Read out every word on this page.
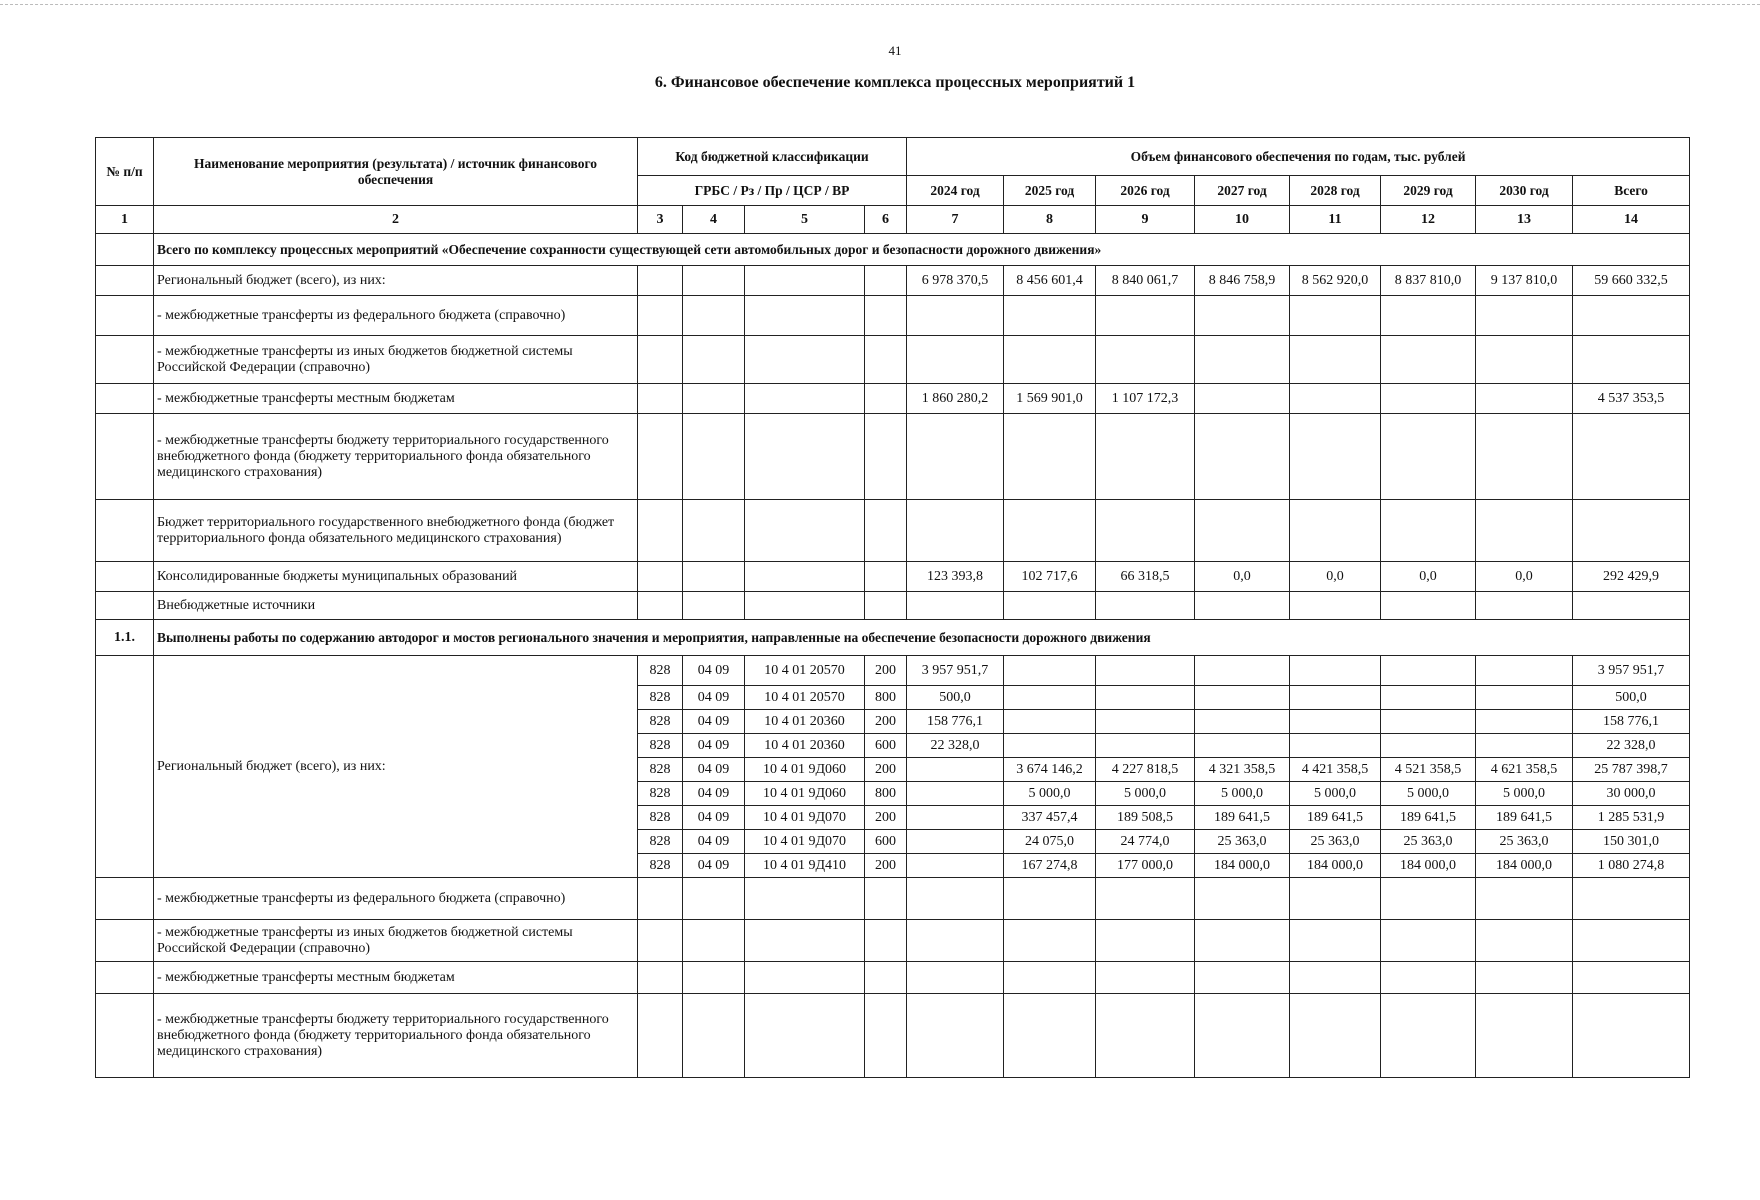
41
6. Финансовое обеспечение комплекса процессных мероприятий 1
№ п/п	Наименование мероприятия (результата) / источник финансового обеспечения	Код бюджетной классификации				Объем финансового обеспечения по годам, тыс. рублей							
		ГРБС / Рз / Пр / ЦСР / ВР				2024 год	2025 год	2026 год	2027 год	2028 год	2029 год	2030 год	Всего
1	2	3	4	5	6	7	8	9	10	11	12	13	14
	Всего по комплексу процессных мероприятий «Обеспечение сохранности существующей сети автомобильных дорог и безопасности дорожного движения»												
	Региональный бюджет (всего), из них:					6 978 370,5	8 456 601,4	8 840 061,7	8 846 758,9	8 562 920,0	8 837 810,0	9 137 810,0	59 660 332,5
	- межбюджетные трансферты из федерального бюджета (справочно)												
	- межбюджетные трансферты из иных бюджетов бюджетной системы Российской Федерации (справочно)												
	- межбюджетные трансферты местным бюджетам					1 860 280,2	1 569 901,0	1 107 172,3					4 537 353,5
	- межбюджетные трансферты бюджету территориального государственного внебюджетного фонда (бюджету территориального фонда обязательного медицинского страхования)												
	Бюджет территориального государственного внебюджетного фонда (бюджет территориального фонда обязательного медицинского страхования)												
	Консолидированные бюджеты муниципальных образований					123 393,8	102 717,6	66 318,5	0,0	0,0	0,0	0,0	292 429,9
	Внебюджетные источники												
1.1.	Выполнены работы по содержанию автодорог и мостов регионального значения и мероприятия, направленные на обеспечение безопасности дорожного движения												
	Региональный бюджет (всего), из них:	828	04 09	10 4 01 20570	200	3 957 951,7							3 957 951,7
		828	04 09	10 4 01 20570	800	500,0							500,0
		828	04 09	10 4 01 20360	200	158 776,1							158 776,1
		828	04 09	10 4 01 20360	600	22 328,0							22 328,0
		828	04 09	10 4 01 9Д060	200		3 674 146,2	4 227 818,5	4 321 358,5	4 421 358,5	4 521 358,5	4 621 358,5	25 787 398,7
		828	04 09	10 4 01 9Д060	800		5 000,0	5 000,0	5 000,0	5 000,0	5 000,0	5 000,0	30 000,0
		828	04 09	10 4 01 9Д070	200		337 457,4	189 508,5	189 641,5	189 641,5	189 641,5	189 641,5	1 285 531,9
		828	04 09	10 4 01 9Д070	600		24 075,0	24 774,0	25 363,0	25 363,0	25 363,0	25 363,0	150 301,0
		828	04 09	10 4 01 9Д410	200		167 274,8	177 000,0	184 000,0	184 000,0	184 000,0	184 000,0	1 080 274,8
	- межбюджетные трансферты из федерального бюджета (справочно)												
	- межбюджетные трансферты из иных бюджетов бюджетной системы Российской Федерации (справочно)												
	- межбюджетные трансферты местным бюджетам												
	- межбюджетные трансферты бюджету территориального государственного внебюджетного фонда (бюджету территориального фонда обязательного медицинского страхования)												
